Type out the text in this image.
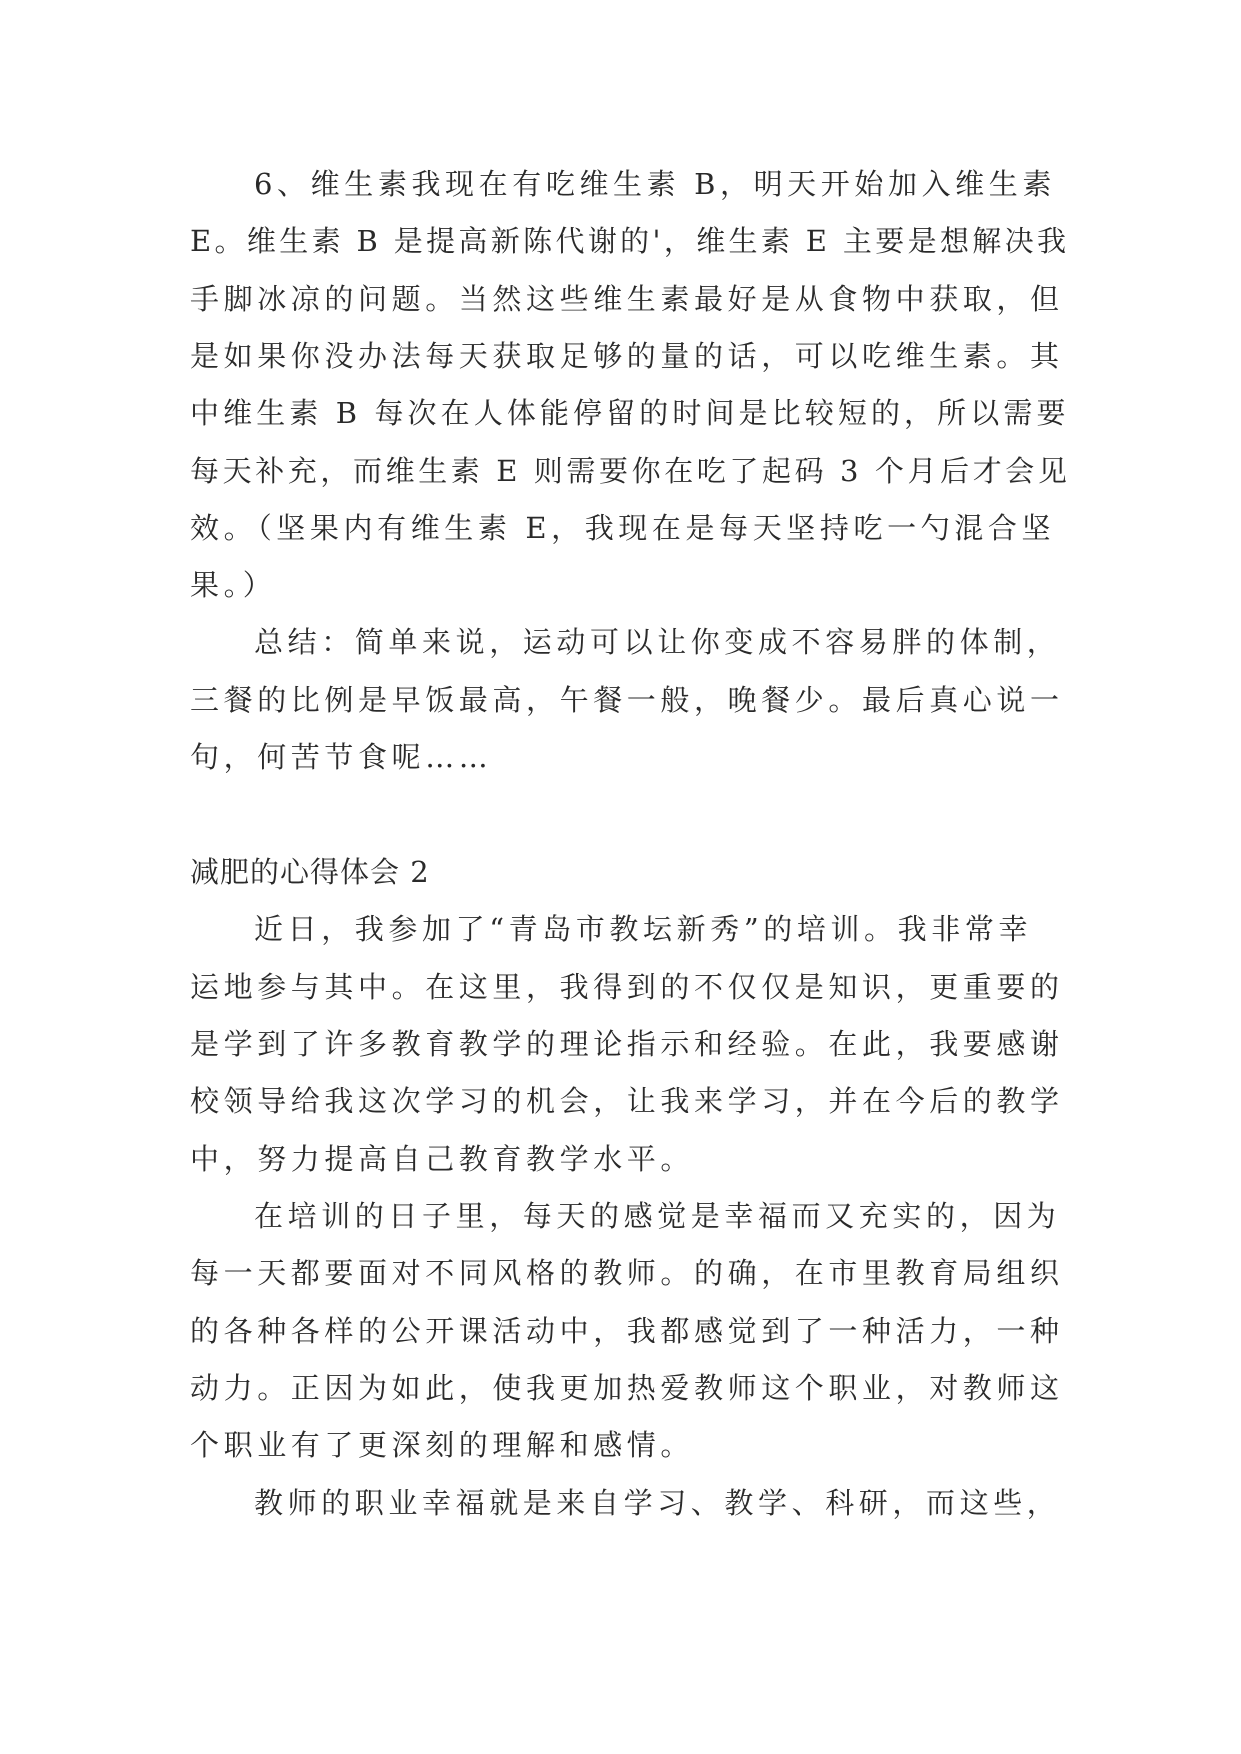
6、维生素我现在有吃维生素 B，明天开始加入维生素
E。维生素 B 是提高新陈代谢的'，维生素 E 主要是想解决我
手脚冰凉的问题。当然这些维生素最好是从食物中获取，但
是如果你没办法每天获取足够的量的话，可以吃维生素。其
中维生素 B 每次在人体能停留的时间是比较短的，所以需要
每天补充，而维生素 E 则需要你在吃了起码 3 个月后才会见
效。（坚果内有维生素 E，我现在是每天坚持吃一勺混合坚
果。）
总结：简单来说，运动可以让你变成不容易胖的体制，
三餐的比例是早饭最高，午餐一般，晚餐少。最后真心说一
句，何苦节食呢……
减肥的心得体会 2
近日，我参加了“青岛市教坛新秀”的培训。我非常幸
运地参与其中。在这里，我得到的不仅仅是知识，更重要的
是学到了许多教育教学的理论指示和经验。在此，我要感谢
校领导给我这次学习的机会，让我来学习，并在今后的教学
中，努力提高自己教育教学水平。
在培训的日子里，每天的感觉是幸福而又充实的，因为
每一天都要面对不同风格的教师。的确，在市里教育局组织
的各种各样的公开课活动中，我都感觉到了一种活力，一种
动力。正因为如此，使我更加热爱教师这个职业，对教师这
个职业有了更深刻的理解和感情。
教师的职业幸福就是来自学习、教学、科研，而这些，
